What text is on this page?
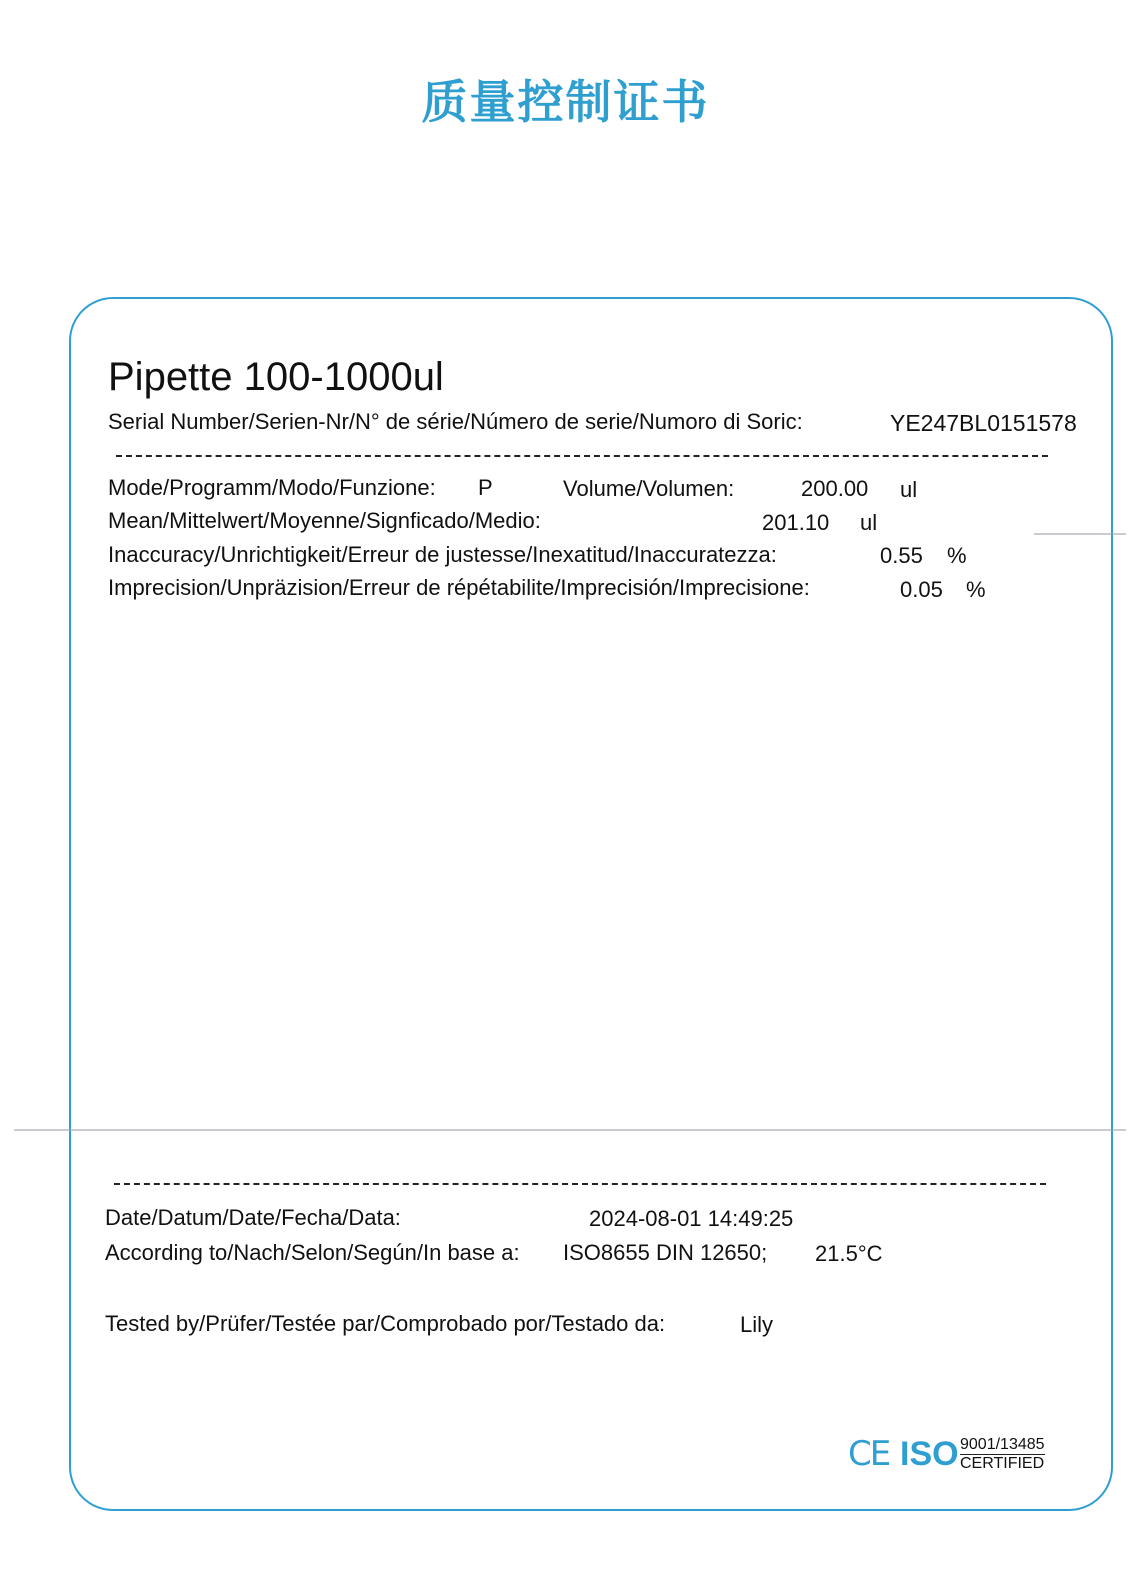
质量控制证书
Pipette 100-1000ul
Serial Number/Serien-Nr/N° de série/Número de serie/Numoro di Soric:	YE247BL0151578
Mode/Programm/Modo/Funzione: P	Volume/Volumen:	200.00 ul
Mean/Mittelwert/Moyenne/Signficado/Medio:	201.10 ul
Inaccuracy/Unrichtigkeit/Erreur de justesse/Inexatitud/Inaccuratezza:	0.55 %
Imprecision/Unpräzision/Erreur de répétabilite/Imprecisión/Imprecisione:	0.05 %
Date/Datum/Date/Fecha/Data:	2024-08-01 14:49:25
According to/Nach/Selon/Según/In base a: ISO8655 DIN 12650; 21.5°C
Tested by/Prüfer/Testée par/Comprobado por/Testado da:	Lily
CE ISO 9001/13485
CERTIFIED
